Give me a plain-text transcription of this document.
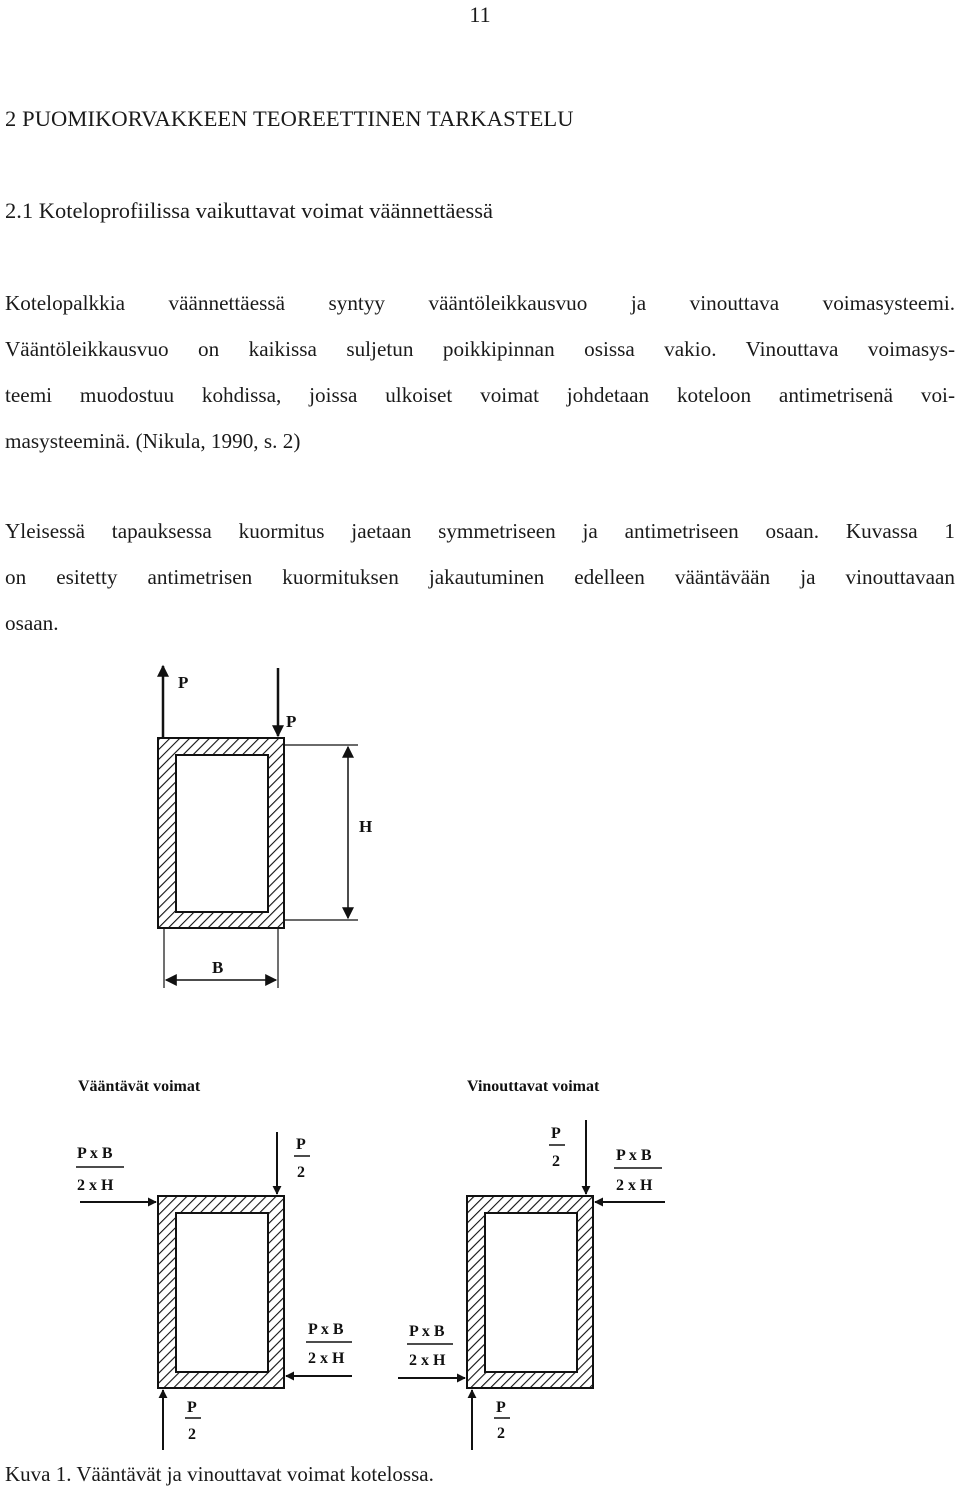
11
2 PUOMIKORVAKKEEN TEOREETTINEN TARKASTELU
2.1 Koteloprofiilissa vaikuttavat voimat väännettäessä
Kotelopalkkia väännettäessä syntyy vääntöleikkausvuo ja vinouttava voimasysteemi.
Vääntöleikkausvuo on kaikissa suljetun poikkipinnan osissa vakio. Vinouttava voimasys-
teemi muodostuu kohdissa, joissa ulkoiset voimat johdetaan koteloon antimetrisenä voi-
masysteeminä. (Nikula, 1990, s. 2)
Yleisessä tapauksessa kuormitus jaetaan symmetriseen ja antimetriseen osaan. Kuvassa 1
on esitetty antimetrisen kuormituksen jakautuminen edelleen vääntävään ja vinouttavaan
osaan.
P
P
H
B
Vääntävät voimat
P x B
2 x H
P
2
P x B
2 x H
P
2
Vinouttavat voimat
P
2	P x B
2 x H
P x B
2 x H
P
2
Kuva 1. Vääntävät ja vinouttavat voimat kotelossa.
